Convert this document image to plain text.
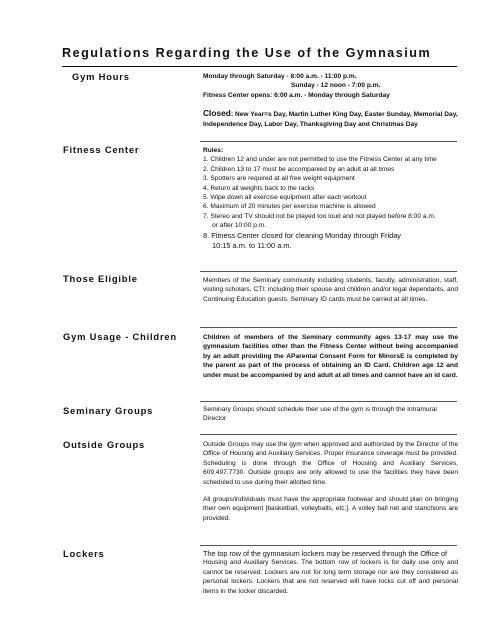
Regulations Regarding the Use of the Gymnasium
Gym Hours	Monday through Saturday - 8:00 a.m. - 11:00 p.m.

Sunday - 12 noon - 7:00 p.m.

Fitness Center opens: 6:00 a.m. - Monday through Saturday

Closed: New Year=s Day, Martin Luther King Day, Easter Sunday, Memorial Day, Independence Day, Labor Day, Thanksgiving Day and Christmas Day

Fitness Center	Rules:

1. Children 12 and under are not permitted to use the Fitness Center at any time
2. Children 13 to 17 must be accompanied by an adult at all times
3. Spotters are required at all free weight equipment
4. Return all weights back to the racks
5. Wipe down all exercise equipment after each workout
6. Maximum of 20 minutes per exercise machine is allowed
7. Stereo and TV should not be played too loud and not played before 8:00 a.m.
or after 10:00 p.m.
8. Fitness Center closed for cleaning Monday through Friday
10:15 a.m. to 11:00 a.m.
Those Eligible	Members of the Seminary community including students, faculty, administration, staff, visiting scholars, CTI; including their spouse and children and/or legal dependants, and Continuing Education guests. Seminary ID cards must be carried at all times.
Gym Usage - Children	Children of members of the Seminary community ages 13-17 may use the gymnasium facilities other than the Fitness Center without being accompanied by an adult providing the ΑParental Consent Form for MinorsΕ is completed by the parent as part of the process of obtaining an ID Card. Children age 12 and under must be accompanied by and adult at all times and cannot have an id card.
Seminary Groups	Seminary Groups should schedule their use of the gym is through the Intramural Director
Outside Groups	Outside Groups may use the gym when approved and authorized by the Director of the Office of Housing and Auxiliary Services. Proper insurance coverage must be provided. Scheduling is done through the Office of Housing and Auxiliary Services, 609.497.7730. Outside groups are only allowed to use the facilities they have been scheduled to use during their allotted time.

All groups/individuals must have the appropriate footwear and should plan on bringing their own equipment [basketball, volleyballs, etc.]. A volley ball net and stanchions are provided.

Lockers	The top row of the gymnasium lockers may be reserved through the Office of

Housing and Auxiliary Services. The bottom row of lockers is for daily use only and cannot be reserved. Lockers are not for long term storage nor are they considered as personal lockers. Lockers that are not reserved will have locks cut off and personal items in the locker discarded.
